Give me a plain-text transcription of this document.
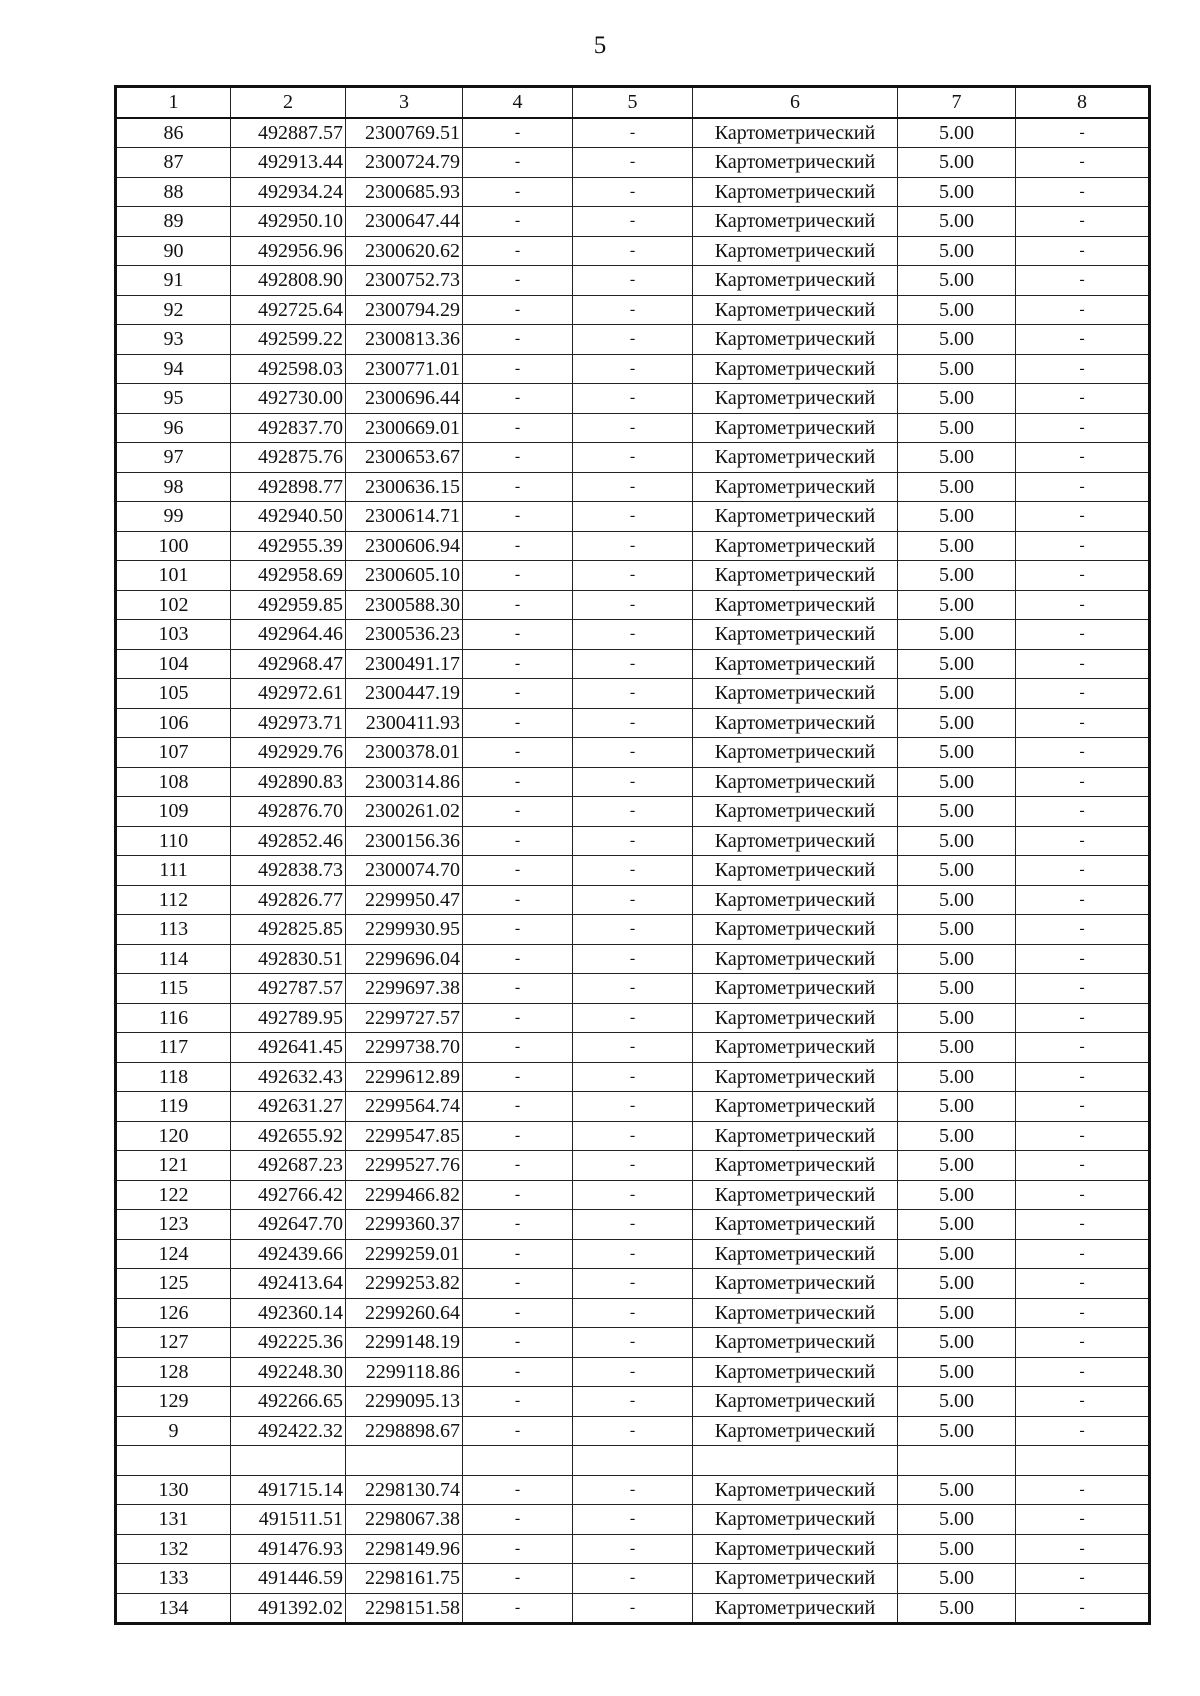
5
1	2	3	4	5	6	7	8
86	492887.57	2300769.51	-	-	Картометрический	5.00	-
87	492913.44	2300724.79	-	-	Картометрический	5.00	-
88	492934.24	2300685.93	-	-	Картометрический	5.00	-
89	492950.10	2300647.44	-	-	Картометрический	5.00	-
90	492956.96	2300620.62	-	-	Картометрический	5.00	-
91	492808.90	2300752.73	-	-	Картометрический	5.00	-
92	492725.64	2300794.29	-	-	Картометрический	5.00	-
93	492599.22	2300813.36	-	-	Картометрический	5.00	-
94	492598.03	2300771.01	-	-	Картометрический	5.00	-
95	492730.00	2300696.44	-	-	Картометрический	5.00	-
96	492837.70	2300669.01	-	-	Картометрический	5.00	-
97	492875.76	2300653.67	-	-	Картометрический	5.00	-
98	492898.77	2300636.15	-	-	Картометрический	5.00	-
99	492940.50	2300614.71	-	-	Картометрический	5.00	-
100	492955.39	2300606.94	-	-	Картометрический	5.00	-
101	492958.69	2300605.10	-	-	Картометрический	5.00	-
102	492959.85	2300588.30	-	-	Картометрический	5.00	-
103	492964.46	2300536.23	-	-	Картометрический	5.00	-
104	492968.47	2300491.17	-	-	Картометрический	5.00	-
105	492972.61	2300447.19	-	-	Картометрический	5.00	-
106	492973.71	2300411.93	-	-	Картометрический	5.00	-
107	492929.76	2300378.01	-	-	Картометрический	5.00	-
108	492890.83	2300314.86	-	-	Картометрический	5.00	-
109	492876.70	2300261.02	-	-	Картометрический	5.00	-
110	492852.46	2300156.36	-	-	Картометрический	5.00	-
111	492838.73	2300074.70	-	-	Картометрический	5.00	-
112	492826.77	2299950.47	-	-	Картометрический	5.00	-
113	492825.85	2299930.95	-	-	Картометрический	5.00	-
114	492830.51	2299696.04	-	-	Картометрический	5.00	-
115	492787.57	2299697.38	-	-	Картометрический	5.00	-
116	492789.95	2299727.57	-	-	Картометрический	5.00	-
117	492641.45	2299738.70	-	-	Картометрический	5.00	-
118	492632.43	2299612.89	-	-	Картометрический	5.00	-
119	492631.27	2299564.74	-	-	Картометрический	5.00	-
120	492655.92	2299547.85	-	-	Картометрический	5.00	-
121	492687.23	2299527.76	-	-	Картометрический	5.00	-
122	492766.42	2299466.82	-	-	Картометрический	5.00	-
123	492647.70	2299360.37	-	-	Картометрический	5.00	-
124	492439.66	2299259.01	-	-	Картометрический	5.00	-
125	492413.64	2299253.82	-	-	Картометрический	5.00	-
126	492360.14	2299260.64	-	-	Картометрический	5.00	-
127	492225.36	2299148.19	-	-	Картометрический	5.00	-
128	492248.30	2299118.86	-	-	Картометрический	5.00	-
129	492266.65	2299095.13	-	-	Картометрический	5.00	-
9	492422.32	2298898.67	-	-	Картометрический	5.00	-

130	491715.14	2298130.74	-	-	Картометрический	5.00	-
131	491511.51	2298067.38	-	-	Картометрический	5.00	-
132	491476.93	2298149.96	-	-	Картометрический	5.00	-
133	491446.59	2298161.75	-	-	Картометрический	5.00	-
134	491392.02	2298151.58	-	-	Картометрический	5.00	-
